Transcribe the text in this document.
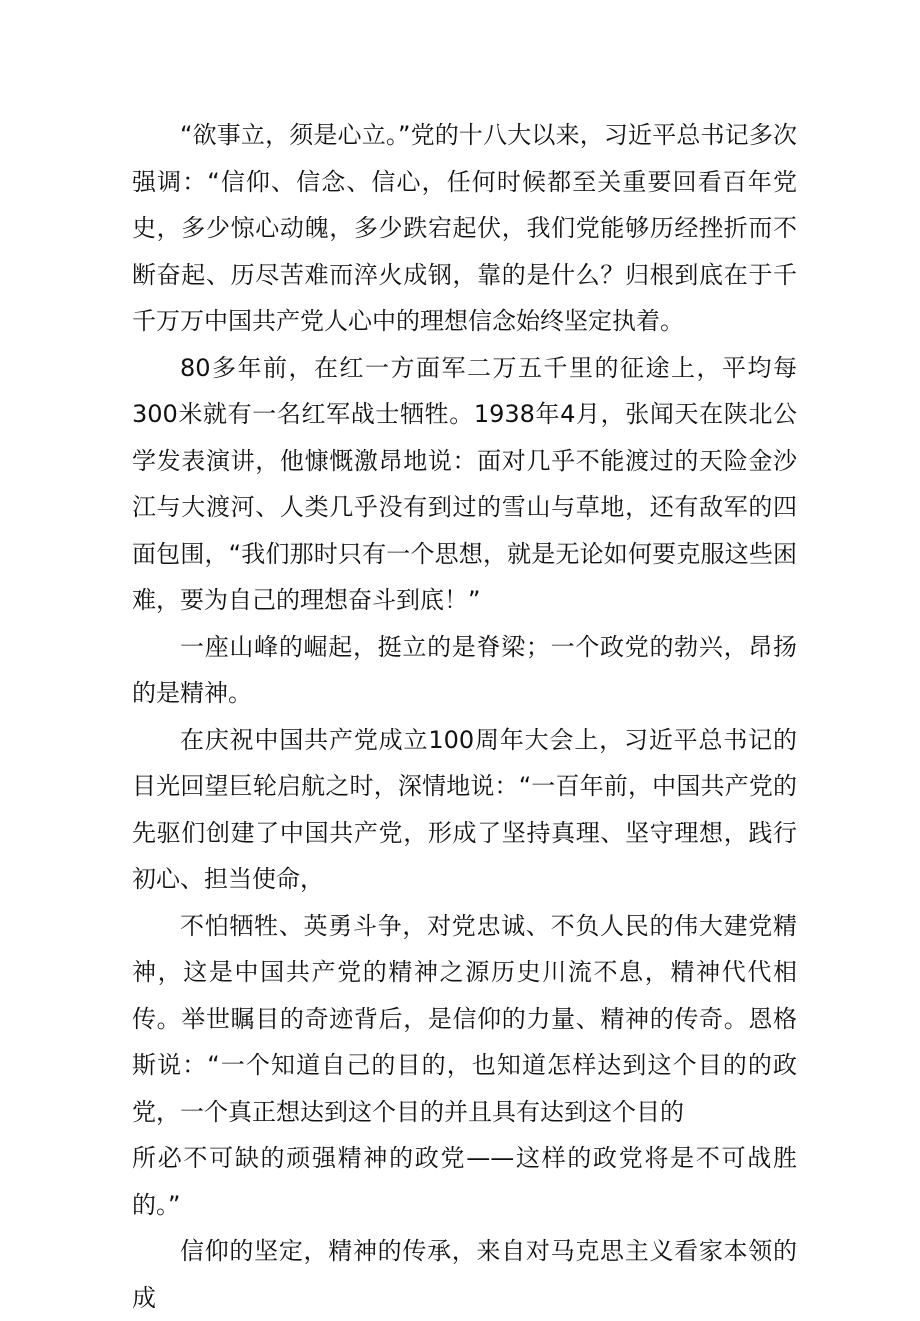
“欲事立，须是心立。”党的十八大以来，习近平总书记多次强调：“信仰、信念、信心，任何时候都至关重要回看百年党史，多少惊心动魄，多少跌宕起伏，我们党能够历经挫折而不断奋起、历尽苦难而淬火成钢，靠的是什么？归根到底在于千千万万中国共产党人心中的理想信念始终坚定执着。

80多年前，在红一方面军二万五千里的征途上，平均每300米就有一名红军战士牺牲。1938年4月，张闻天在陕北公学发表演讲，他慷慨激昂地说：面对几乎不能渡过的天险金沙江与大渡河、人类几乎没有到过的雪山与草地，还有敌军的四面包围，“我们那时只有一个思想，就是无论如何要克服这些困难，要为自己的理想奋斗到底！”

一座山峰的崛起，挺立的是脊梁；一个政党的勃兴，昂扬的是精神。

在庆祝中国共产党成立100周年大会上，习近平总书记的目光回望巨轮启航之时，深情地说：“一百年前，中国共产党的先驱们创建了中国共产党，形成了坚持真理、坚守理想，践行初心、担当使命，

不怕牺牲、英勇斗争，对党忠诚、不负人民的伟大建党精神，这是中国共产党的精神之源历史川流不息，精神代代相传。举世瞩目的奇迹背后，是信仰的力量、精神的传奇。恩格斯说：“一个知道自己的目的，也知道怎样达到这个目的的政党，一个真正想达到这个目的并且具有达到这个目的

所必不可缺的顽强精神的政党——这样的政党将是不可战胜的。”

信仰的坚定，精神的传承，来自对马克思主义看家本领的成
